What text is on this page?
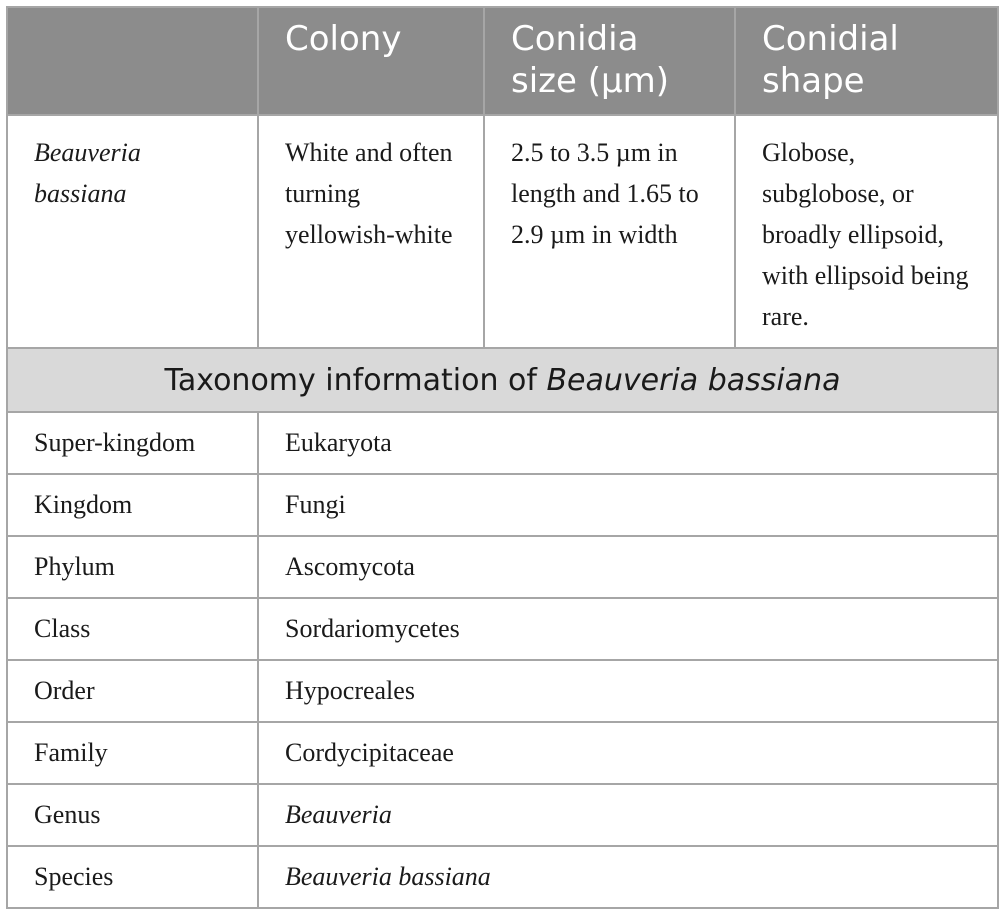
	Colony	Conidia size (µm)	Conidial shape
Beauveria bassiana	White and often turning yellowish-white	2.5 to 3.5 µm in length and 1.65 to 2.9 µm in width	Globose, subglobose, or broadly ellipsoid, with ellipsoid being rare.
Taxonomy information of Beauveria bassiana			
Super-kingdom	Eukaryota		
Kingdom	Fungi		
Phylum	Ascomycota		
Class	Sordariomycetes		
Order	Hypocreales		
Family	Cordycipitaceae		
Genus	Beauveria		
Species	Beauveria bassiana		
